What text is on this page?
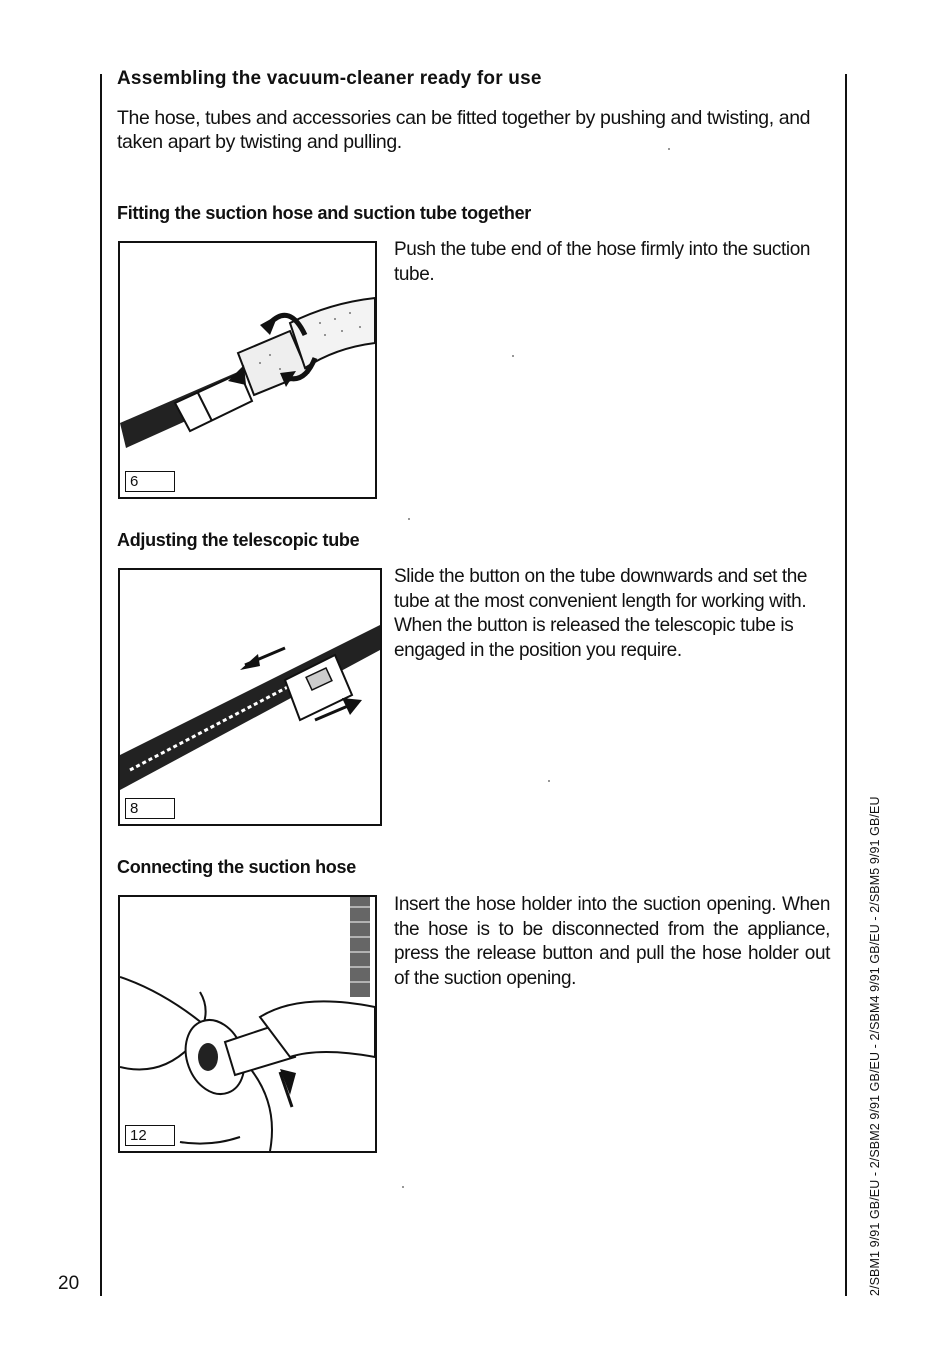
Assembling the vacuum-cleaner ready for use

The hose, tubes and accessories can be fitted together by pushing and twisting, and taken apart by twisting and pulling.

Fitting the suction hose and suction tube together
6

Push the tube end of the hose firmly into the suction tube.

Adjusting the telescopic tube
8

Slide the button on the tube downwards and set the tube at the most convenient length for working with. When the button is released the telescopic tube is engaged in the position you require.

Connecting the suction hose
12

Insert the hose holder into the suction opening. When the hose is to be disconnected from the appliance, press the release button and pull the hose holder out of the suction opening.

20	2/SBM1 9/91 GB/EU - 2/SBM2 9/91 GB/EU - 2/SBM4 9/91 GB/EU - 2/SBM5 9/91 GB/EU
